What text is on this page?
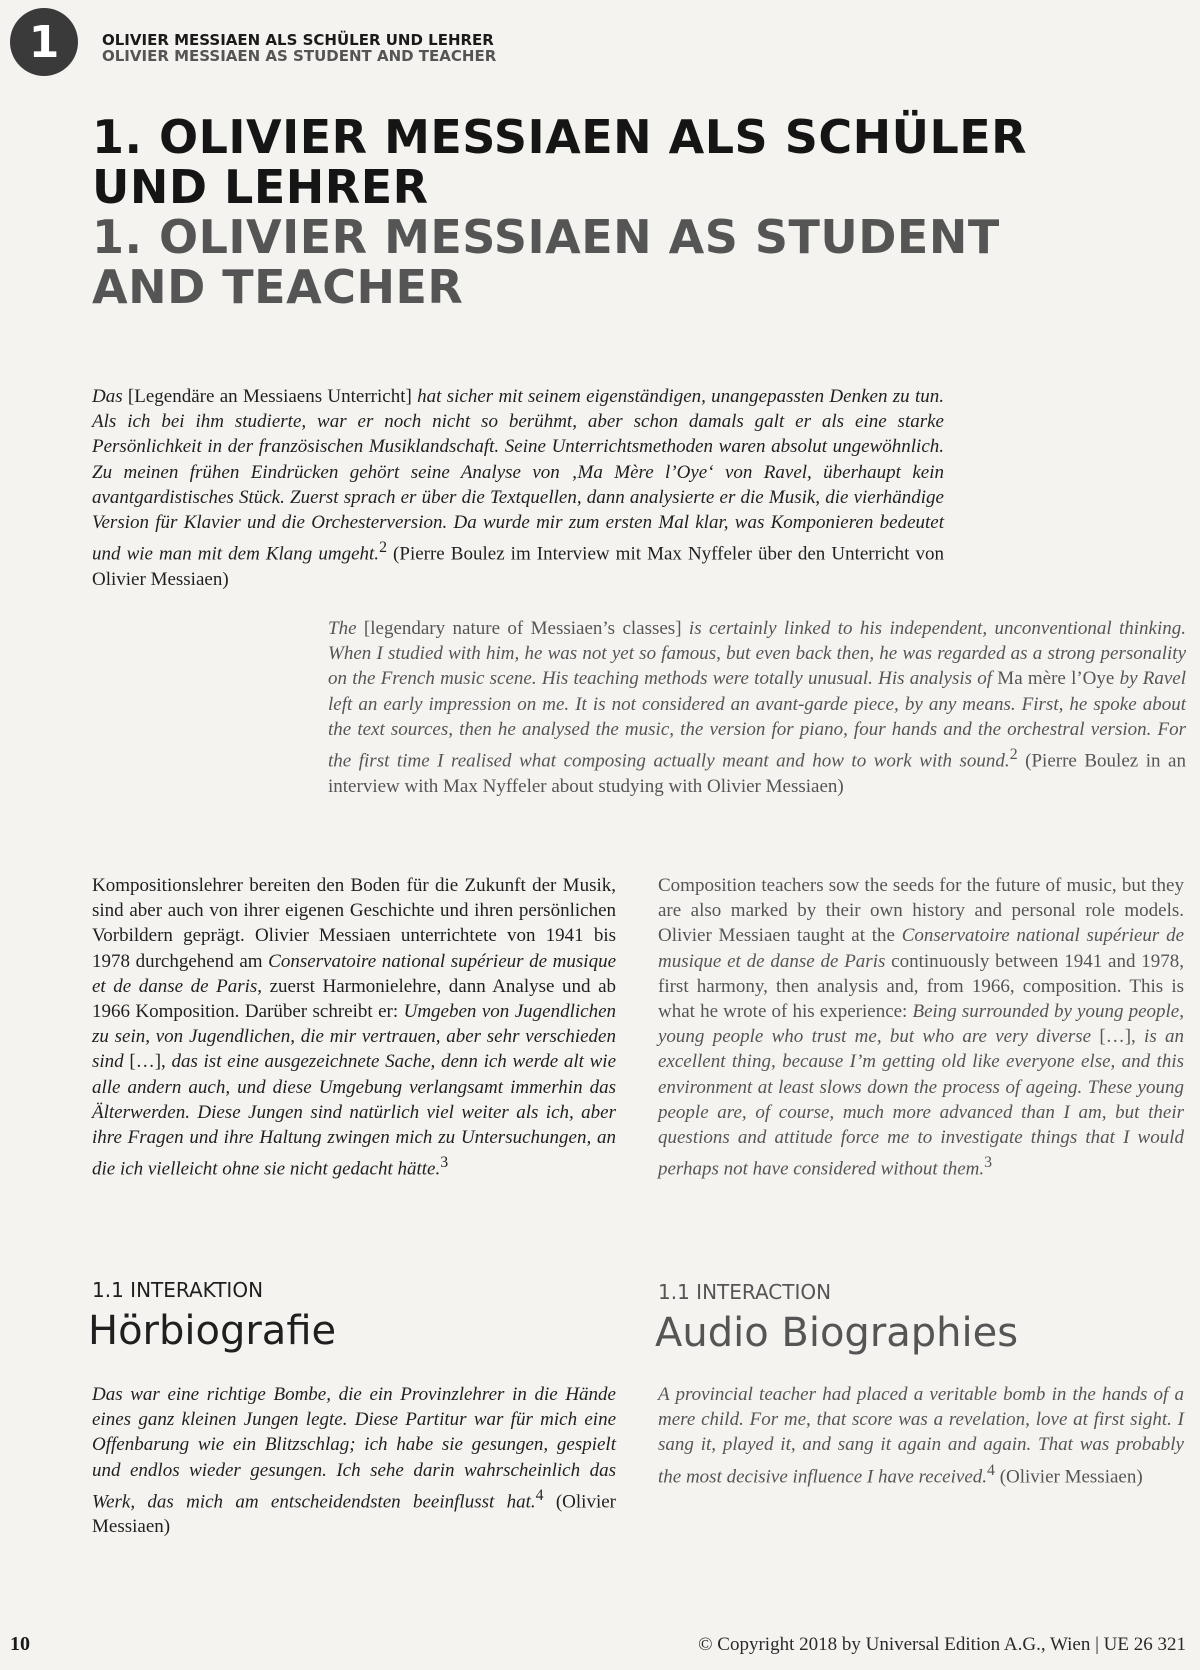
1	OLIVIER MESSIAEN ALS SCHÜLER UND LEHRER
OLIVIER MESSIAEN AS STUDENT AND TEACHER
1. OLIVIER MESSIAEN ALS SCHÜLER UND LEHRER
1. OLIVIER MESSIAEN AS STUDENT AND TEACHER
Das [Legendäre an Messiaens Unterricht] hat sicher mit seinem eigenständigen, unangepassten Denken zu tun. Als ich bei ihm studierte, war er noch nicht so berühmt, aber schon damals galt er als eine starke Persönlichkeit in der französischen Musiklandschaft. Seine Unterrichtsmethoden waren absolut ungewöhnlich. Zu meinen frühen Eindrücken gehört seine Analyse von ‚Ma Mère l’Oye‘ von Ravel, überhaupt kein avantgardistisches Stück. Zuerst sprach er über die Textquellen, dann analysierte er die Musik, die vierhändige Version für Klavier und die Orchesterversion. Da wurde mir zum ersten Mal klar, was Komponieren bedeutet und wie man mit dem Klang umgeht.$^2$ (Pierre Boulez im Interview mit Max Nyffeler über den Unterricht von Olivier Messiaen)
The [legendary nature of Messiaen’s classes] is certainly linked to his independent, unconventional thinking. When I studied with him, he was not yet so famous, but even back then, he was regarded as a strong personality on the French music scene. His teaching methods were totally unusual. His analysis of Ma mère l’Oye by Ravel left an early impression on me. It is not considered an avant-garde piece, by any means. First, he spoke about the text sources, then he analysed the music, the version for piano, four hands and the orchestral version. For the first time I realised what composing actually meant and how to work with sound.$^2$ (Pierre Boulez in an interview with Max Nyffeler about studying with Olivier Messiaen)
Kompositionslehrer bereiten den Boden für die Zukunft der Musik, sind aber auch von ihrer eigenen Geschichte und ihren persönlichen Vorbildern geprägt. Olivier Messiaen unterrichtete von 1941 bis 1978 durchgehend am Conservatoire national supérieur de musique et de danse de Paris, zuerst Harmonielehre, dann Analyse und ab 1966 Komposition. Darüber schreibt er: Umgeben von Jugendlichen zu sein, von Jugendlichen, die mir vertrauen, aber sehr verschieden sind […], das ist eine ausgezeichnete Sache, denn ich werde alt wie alle andern auch, und diese Umgebung verlangsamt immerhin das Älterwerden. Diese Jungen sind natürlich viel weiter als ich, aber ihre Fragen und ihre Haltung zwingen mich zu Untersuchungen, an die ich vielleicht ohne sie nicht gedacht hätte.$^3$
Composition teachers sow the seeds for the future of music, but they are also marked by their own history and personal role models. Olivier Messiaen taught at the Conservatoire national supérieur de musique et de danse de Paris continuously between 1941 and 1978, first harmony, then analysis and, from 1966, composition. This is what he wrote of his experience: Being surrounded by young people, young people who trust me, but who are very diverse […], is an excellent thing, because I’m getting old like everyone else, and this environment at least slows down the process of ageing. These young people are, of course, much more advanced than I am, but their questions and attitude force me to investigate things that I would perhaps not have considered without them.$^3$
1.1 INTERAKTION
Hörbiografie
Das war eine richtige Bombe, die ein Provinzlehrer in die Hände eines ganz kleinen Jungen legte. Diese Partitur war für mich eine Offenbarung wie ein Blitzschlag; ich habe sie gesungen, gespielt und endlos wieder gesungen. Ich sehe darin wahrscheinlich das Werk, das mich am entscheidendsten beeinflusst hat.$^4$ (Olivier Messiaen)
1.1 INTERACTION
Audio Biographies
A provincial teacher had placed a veritable bomb in the hands of a mere child. For me, that score was a revelation, love at first sight. I sang it, played it, and sang it again and again. That was probably the most decisive influence I have received.$^4$ (Olivier Messiaen)
10	© Copyright 2018 by Universal Edition A.G., Wien | UE 26 321
